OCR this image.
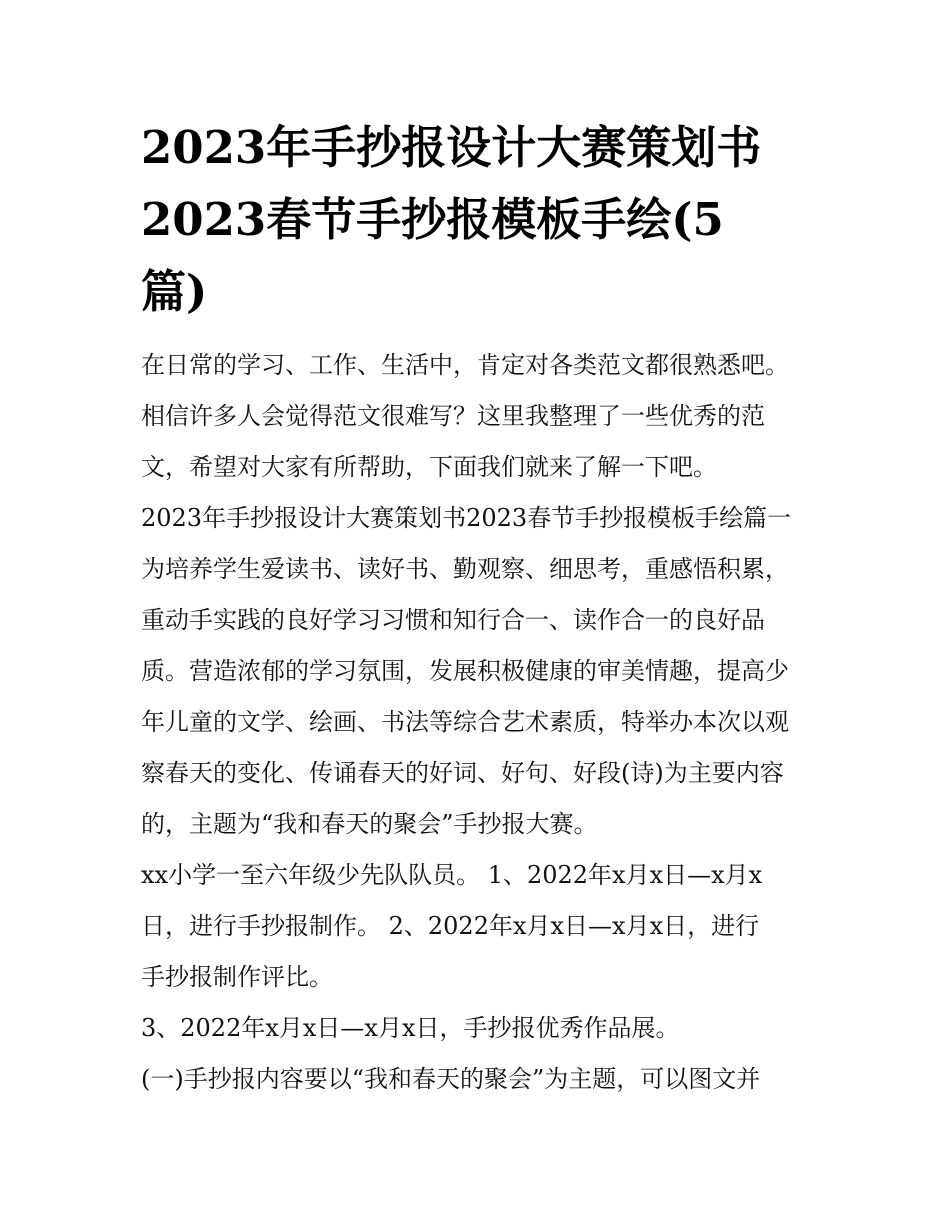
2023年手抄报设计大赛策划书
2023春节手抄报模板手绘(5
篇)

在日常的学习、工作、生活中，肯定对各类范文都很熟悉吧。
相信许多人会觉得范文很难写？这里我整理了一些优秀的范
文，希望对大家有所帮助，下面我们就来了解一下吧。

2023年手抄报设计大赛策划书2023春节手抄报模板手绘篇一

为培养学生爱读书、读好书、勤观察、细思考，重感悟积累，
重动手实践的良好学习习惯和知行合一、读作合一的良好品
质。营造浓郁的学习氛围，发展积极健康的审美情趣，提高少
年儿童的文学、绘画、书法等综合艺术素质，特举办本次以观
察春天的变化、传诵春天的好词、好句、好段(诗)为主要内容
的，主题为“我和春天的聚会”手抄报大赛。

xx小学一至六年级少先队队员。 1、2022年x月x日—x月x
日，进行手抄报制作。 2、2022年x月x日—x月x日，进行
手抄报制作评比。

3、2022年x月x日—x月x日，手抄报优秀作品展。

(一)手抄报内容要以“我和春天的聚会”为主题，可以图文并
